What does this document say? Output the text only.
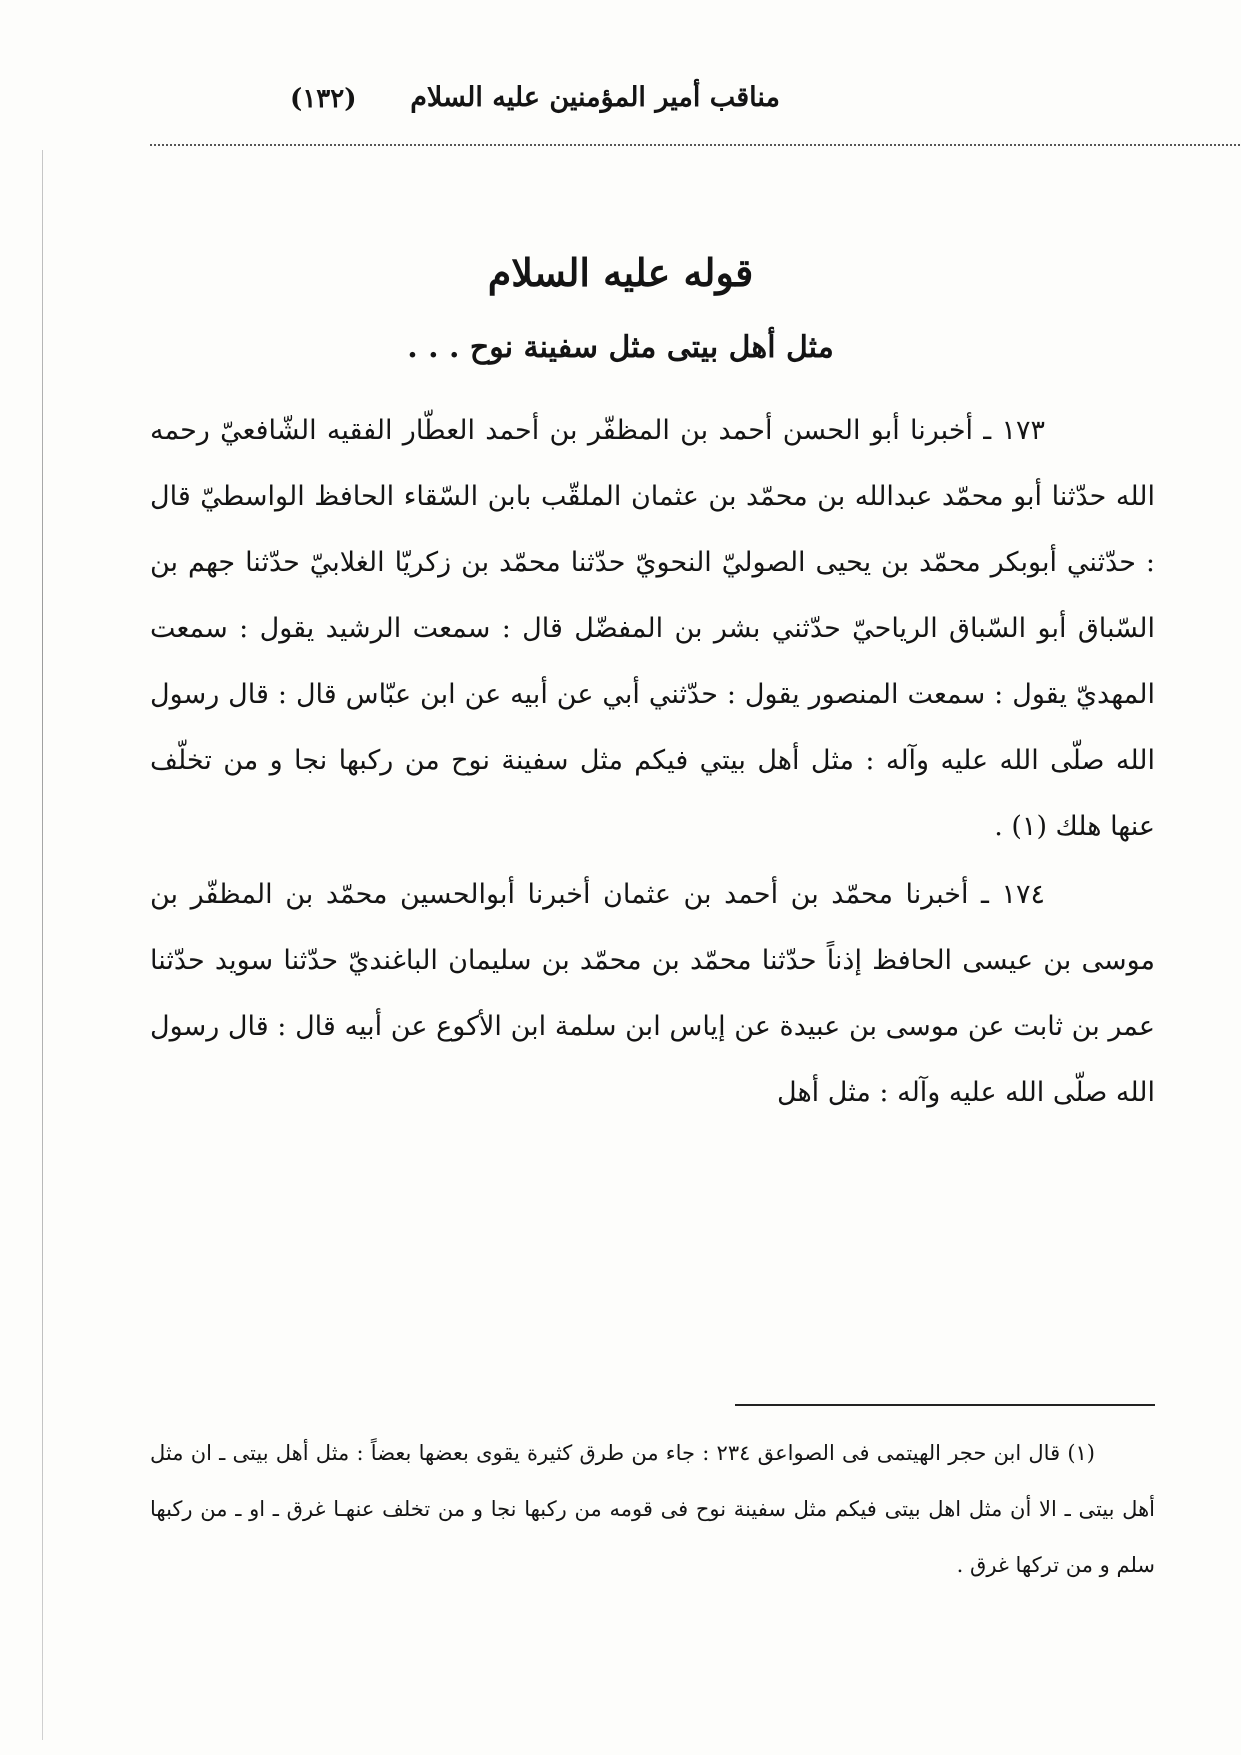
مناقب أمير المؤمنين عليه السلام
(١٣٢)
قوله عليه السلام
مثل أهل بيتى مثل سفينة نوح . . .

١٧٣ ـ أخبرنا أبو الحسن أحمد بن المظفّر بن أحمد العطّار الفقيه الشّافعيّ رحمه الله حدّثنا أبو محمّد عبدالله بن محمّد بن عثمان الملقّب بابن السّقاء الحافظ الواسطيّ قال : حدّثني أبوبكر محمّد بن يحيى الصوليّ النحويّ حدّثنا محمّد بن زكريّا الغلابيّ حدّثنا جهم بن السّباق أبو السّباق الرياحيّ حدّثني بشر بن المفضّل قال : سمعت الرشيد يقول : سمعت المهديّ يقول : سمعت المنصور يقول : حدّثني أبي عن أبيه عن ابن عبّاس قال : قال رسول الله صلّى الله عليه وآله : مثل أهل بيتي فيكم مثل سفينة نوح من ركبها نجا و من تخلّف عنها هلك (١) .

١٧٤ ـ أخبرنا محمّد بن أحمد بن عثمان أخبرنا أبوالحسين محمّد بن المظفّر بن موسى بن عيسى الحافظ إذناً حدّثنا محمّد بن محمّد بن سليمان الباغنديّ حدّثنا سويد حدّثنا عمر بن ثابت عن موسى بن عبيدة عن إياس ابن سلمة ابن الأكوع عن أبيه قال : قال رسول الله صلّى الله عليه وآله : مثل أهل

(١) قال ابن حجر الهيتمى فى الصواعق ٢٣٤ : جاء من طرق كثيرة يقوى بعضها بعضاً : مثل أهل بيتى ـ ان مثل أهل بيتى ـ الا أن مثل اهل بيتى فيكم مثل سفينة نوح فى قومه من ركبها نجا و من تخلف عنهـا غرق ـ او ـ من ركبها سلم و من تركها غرق .
